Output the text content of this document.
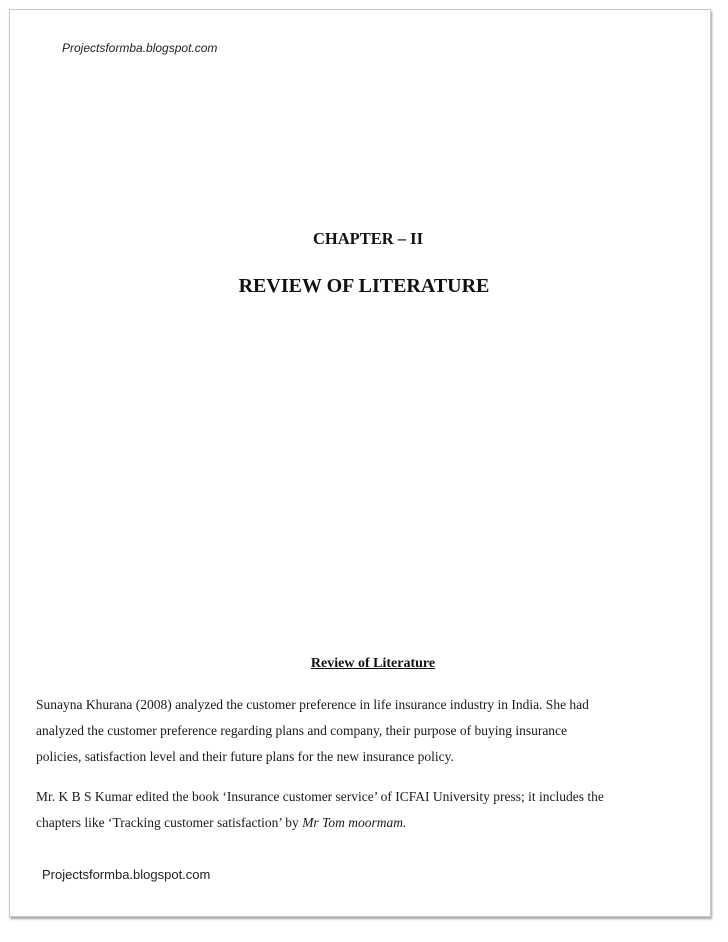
Projectsformba.blogspot.com
CHAPTER – II
REVIEW OF LITERATURE
Review of Literature
Sunayna Khurana (2008) analyzed the customer preference in life insurance industry in India. She had
analyzed the customer preference regarding plans and company, their purpose of buying insurance
policies, satisfaction level and their future plans for the new insurance policy.
Mr. K B S Kumar edited the book ‘Insurance customer service’ of ICFAI University press; it includes the
chapters like ‘Tracking customer satisfaction’ by Mr Tom moormam.
Projectsformba.blogspot.com
